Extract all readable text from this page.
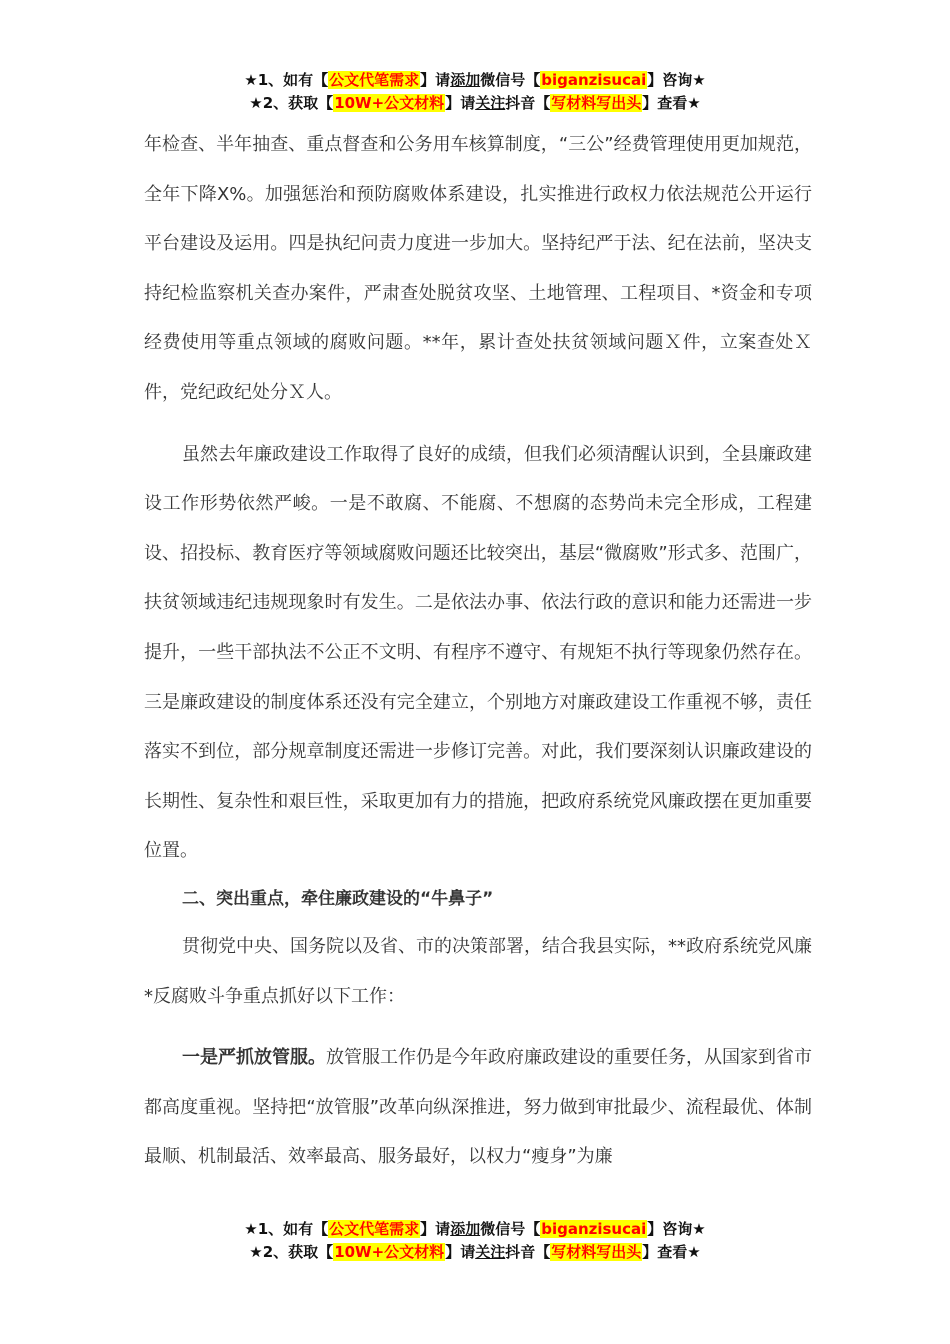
★1、如有【公文代笔需求】请添加微信号【biganzisucai】咨询★
★2、获取【10W+公文材料】请关注抖音【写材料写出头】查看★

年检查、半年抽查、重点督查和公务用车核算制度，“三公”经费管理使用更加规范，全年下降X%。加强惩治和预防腐败体系建设，扎实推进行政权力依法规范公开运行平台建设及运用。四是执纪问责力度进一步加大。坚持纪严于法、纪在法前，坚决支持纪检监察机关查办案件，严肃查处脱贫攻坚、土地管理、工程项目、*资金和专项经费使用等重点领域的腐败问题。**年，累计查处扶贫领域问题Ｘ件，立案查处Ｘ件，党纪政纪处分Ｘ人。

虽然去年廉政建设工作取得了良好的成绩，但我们必须清醒认识到，全县廉政建设工作形势依然严峻。一是不敢腐、不能腐、不想腐的态势尚未完全形成，工程建设、招投标、教育医疗等领域腐败问题还比较突出，基层“微腐败”形式多、范围广，扶贫领域违纪违规现象时有发生。二是依法办事、依法行政的意识和能力还需进一步提升，一些干部执法不公正不文明、有程序不遵守、有规矩不执行等现象仍然存在。三是廉政建设的制度体系还没有完全建立，个别地方对廉政建设工作重视不够，责任落实不到位，部分规章制度还需进一步修订完善。对此，我们要深刻认识廉政建设的长期性、复杂性和艰巨性，采取更加有力的措施，把政府系统党风廉政摆在更加重要位置。

二、突出重点，牵住廉政建设的“牛鼻子”

贯彻党中央、国务院以及省、市的决策部署，结合我县实际，**政府系统党风廉*反腐败斗争重点抓好以下工作：

一是严抓放管服。放管服工作仍是今年政府廉政建设的重要任务，从国家到省市都高度重视。坚持把“放管服”改革向纵深推进，努力做到审批最少、流程最优、体制最顺、机制最活、效率最高、服务最好，以权力“瘦身”为廉

★1、如有【公文代笔需求】请添加微信号【biganzisucai】咨询★
★2、获取【10W+公文材料】请关注抖音【写材料写出头】查看★
